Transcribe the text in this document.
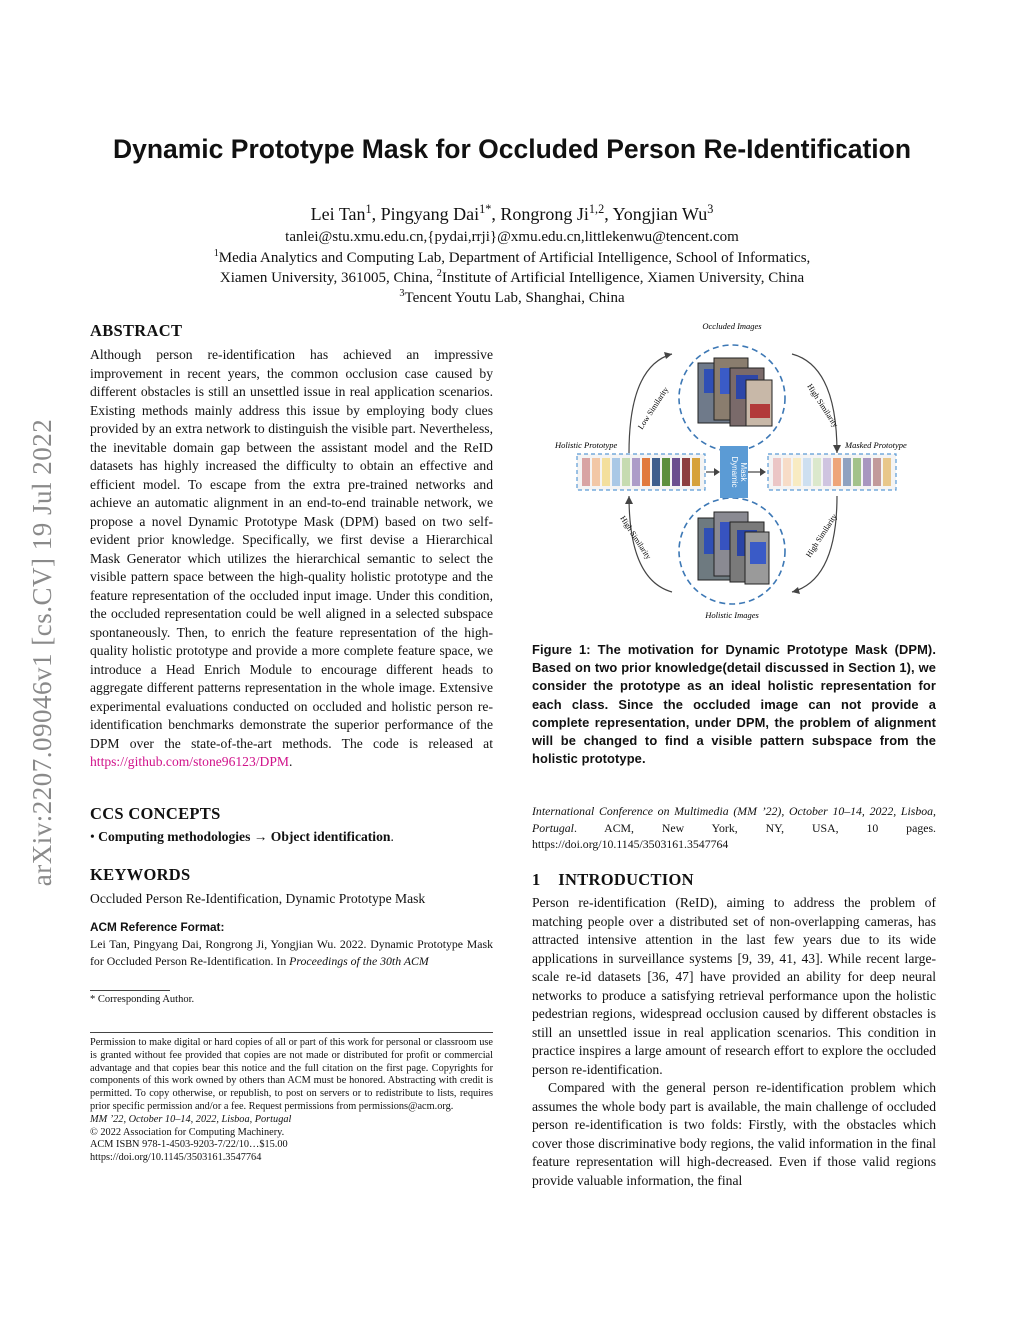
arXiv:2207.09046v1 [cs.CV] 19 Jul 2022
Dynamic Prototype Mask for Occluded Person Re-Identification
Lei Tan$^1$, Pingyang Dai$^{1*}$, Rongrong Ji$^{1,2}$, Yongjian Wu$^3$
tanlei@stu.xmu.edu.cn,{pydai,rrji}@xmu.edu.cn,littlekenwu@tencent.com
$^1$Media Analytics and Computing Lab, Department of Artificial Intelligence, School of Informatics,
Xiamen University, 361005, China, $^2$Institute of Artificial Intelligence, Xiamen University, China
$^3$Tencent Youtu Lab, Shanghai, China
ABSTRACT

Although person re-identification has achieved an impressive improvement in recent years, the common occlusion case caused by different obstacles is still an unsettled issue in real application scenarios. Existing methods mainly address this issue by employing body clues provided by an extra network to distinguish the visible part. Nevertheless, the inevitable domain gap between the assistant model and the ReID datasets has highly increased the difficulty to obtain an effective and efficient model. To escape from the extra pre-trained networks and achieve an automatic alignment in an end-to-end trainable network, we propose a novel Dynamic Prototype Mask (DPM) based on two self-evident prior knowledge. Specifically, we first devise a Hierarchical Mask Generator which utilizes the hierarchical semantic to select the visible pattern space between the high-quality holistic prototype and the feature representation of the occluded input image. Under this condition, the occluded representation could be well aligned in a selected subspace spontaneously. Then, to enrich the feature representation of the high-quality holistic prototype and provide a more complete feature space, we introduce a Head Enrich Module to encourage different heads to aggregate different patterns representation in the whole image. Extensive experimental evaluations conducted on occluded and holistic person re-identification benchmarks demonstrate the superior performance of the DPM over the state-of-the-art methods. The code is released at https://github.com/stone96123/DPM.

CCS CONCEPTS
• Computing methodologies → Object identification.
KEYWORDS
Occluded Person Re-Identification, Dynamic Prototype Mask
ACM Reference Format:
Lei Tan, Pingyang Dai, Rongrong Ji, Yongjian Wu. 2022. Dynamic Prototype Mask for Occluded Person Re-Identification. In Proceedings of the 30th ACM
* Corresponding Author.
Permission to make digital or hard copies of all or part of this work for personal or classroom use is granted without fee provided that copies are not made or distributed for profit or commercial advantage and that copies bear this notice and the full citation on the first page. Copyrights for components of this work owned by others than ACM must be honored. Abstracting with credit is permitted. To copy otherwise, or republish, to post on servers or to redistribute to lists, requires prior specific permission and/or a fee. Request permissions from permissions@acm.org.
MM ’22, October 10–14, 2022, Lisboa, Portugal
© 2022 Association for Computing Machinery.
ACM ISBN 978-1-4503-9203-7/22/10…$15.00
https://doi.org/10.1145/3503161.3547764
Occluded Images
Holistic Images
Holistic Prototype	Masked Prototype
Low Similarity	High Similarity
High Similarity	High Similarity
Dynamic Mask
Figure 1: The motivation for Dynamic Prototype Mask (DPM). Based on two prior knowledge(detail discussed in Section 1), we consider the prototype as an ideal holistic representation for each class. Since the occluded image can not provide a complete representation, under DPM, the problem of alignment will be changed to find a visible pattern subspace from the holistic prototype.
International Conference on Multimedia (MM ’22), October 10–14, 2022, Lisboa, Portugal. ACM, New York, NY, USA, 10 pages. https://doi.org/10.1145/3503161.3547764
1 INTRODUCTION

Person re-identification (ReID), aiming to address the problem of matching people over a distributed set of non-overlapping cameras, has attracted intensive attention in the last few years due to its wide applications in surveillance systems [9, 39, 41, 43]. While recent large-scale re-id datasets [36, 47] have provided an ability for deep neural networks to produce a satisfying retrieval performance upon the holistic pedestrian regions, widespread occlusion caused by different obstacles is still an unsettled issue in real application scenarios. This condition in practice inspires a large amount of research effort to explore the occluded person re-identification.

Compared with the general person re-identification problem which assumes the whole body part is available, the main challenge of occluded person re-identification is two folds: Firstly, with the obstacles which cover those discriminative body regions, the valid information in the final feature representation will high-decreased. Even if those valid regions provide valuable information, the final
